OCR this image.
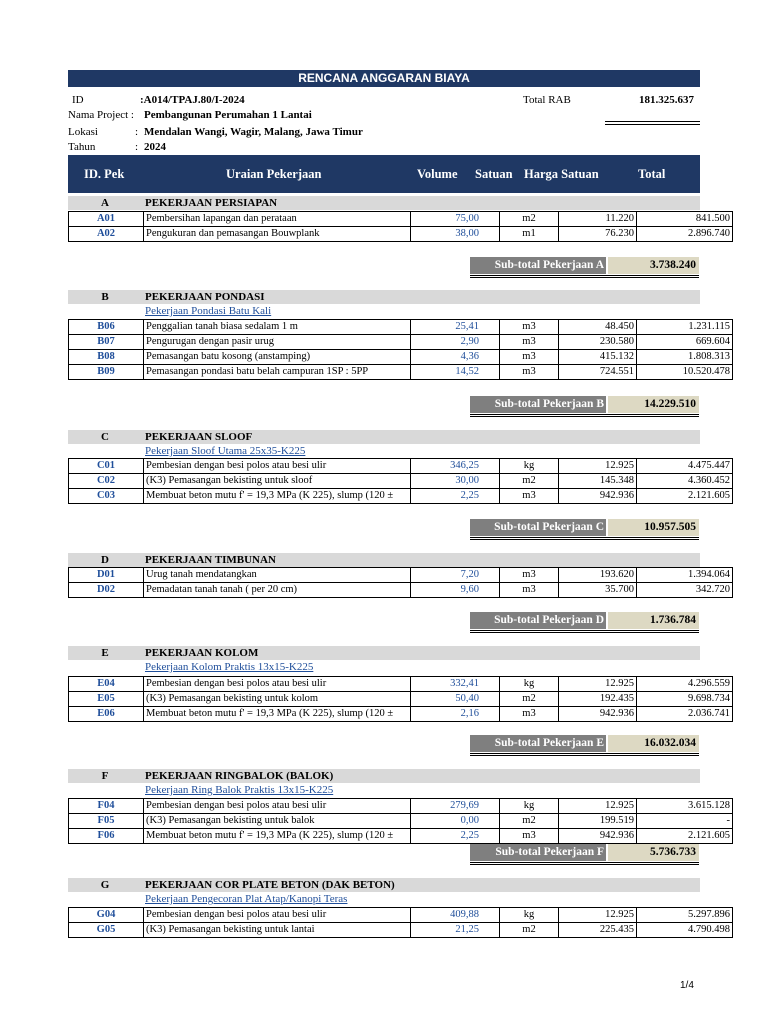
RENCANA ANGGARAN BIAYA
ID	:A014/TPAJ.80/I-2024
Nama Project : Pembangunan Perumahan 1 Lantai
Lokasi	: Mendalan Wangi, Wagir, Malang, Jawa Timur
Tahun	: 2024
Total RAB	181.325.637
ID. Pek	Uraian Pekerjaan	Volume Satuan Harga Satuan	Total
A	PEKERJAAN PERSIAPAN
A01	Pembersihan lapangan dan perataan	75,00	m2	11.220	841.500
A02	Pengukuran dan pemasangan Bouwplank	38,00	m1	76.230	2.896.740
Sub-total Pekerjaan A	3.738.240
B	PEKERJAAN PONDASI
Pekerjaan Pondasi Batu Kali
B06	Penggalian tanah biasa sedalam 1 m	25,41	m3	48.450	1.231.115
B07	Pengurugan dengan pasir urug	2,90	m3	230.580	669.604
B08	Pemasangan batu kosong (anstamping)	4,36	m3	415.132	1.808.313
B09	Pemasangan pondasi batu belah campuran 1SP : 5PP	14,52	m3	724.551	10.520.478
Sub-total Pekerjaan B	14.229.510
C	PEKERJAAN SLOOF
Pekerjaan Sloof Utama 25x35-K225
C01	Pembesian dengan besi polos atau besi ulir	346,25	kg	12.925	4.475.447
C02	(K3) Pemasangan bekisting untuk sloof	30,00	m2	145.348	4.360.452
C03	Membuat beton mutu f' = 19,3 MPa (K 225), slump (120 ±	2,25	m3	942.936	2.121.605
Sub-total Pekerjaan C	10.957.505
D	PEKERJAAN TIMBUNAN
D01	Urug tanah mendatangkan	7,20	m3	193.620	1.394.064
D02	Pemadatan tanah tanah ( per 20 cm)	9,60	m3	35.700	342.720
Sub-total Pekerjaan D	1.736.784
E	PEKERJAAN KOLOM
Pekerjaan Kolom Praktis 13x15-K225
E04	Pembesian dengan besi polos atau besi ulir	332,41	kg	12.925	4.296.559
E05	(K3) Pemasangan bekisting untuk kolom	50,40	m2	192.435	9.698.734
E06	Membuat beton mutu f' = 19,3 MPa (K 225), slump (120 ±	2,16	m3	942.936	2.036.741
Sub-total Pekerjaan E	16.032.034
F	PEKERJAAN RINGBALOK (BALOK)
Pekerjaan Ring Balok Praktis 13x15-K225
F04	Pembesian dengan besi polos atau besi ulir	279,69	kg	12.925	3.615.128
F05	(K3) Pemasangan bekisting untuk balok	0,00	m2	199.519	-
F06	Membuat beton mutu f' = 19,3 MPa (K 225), slump (120 ±	2,25	m3	942.936	2.121.605
Sub-total Pekerjaan F	5.736.733
G	PEKERJAAN COR PLATE BETON (DAK BETON)
Pekerjaan Pengecoran Plat Atap/Kanopi Teras
G04	Pembesian dengan besi polos atau besi ulir	409,88	kg	12.925	5.297.896
G05	(K3) Pemasangan bekisting untuk lantai	21,25	m2	225.435	4.790.498
1/4
